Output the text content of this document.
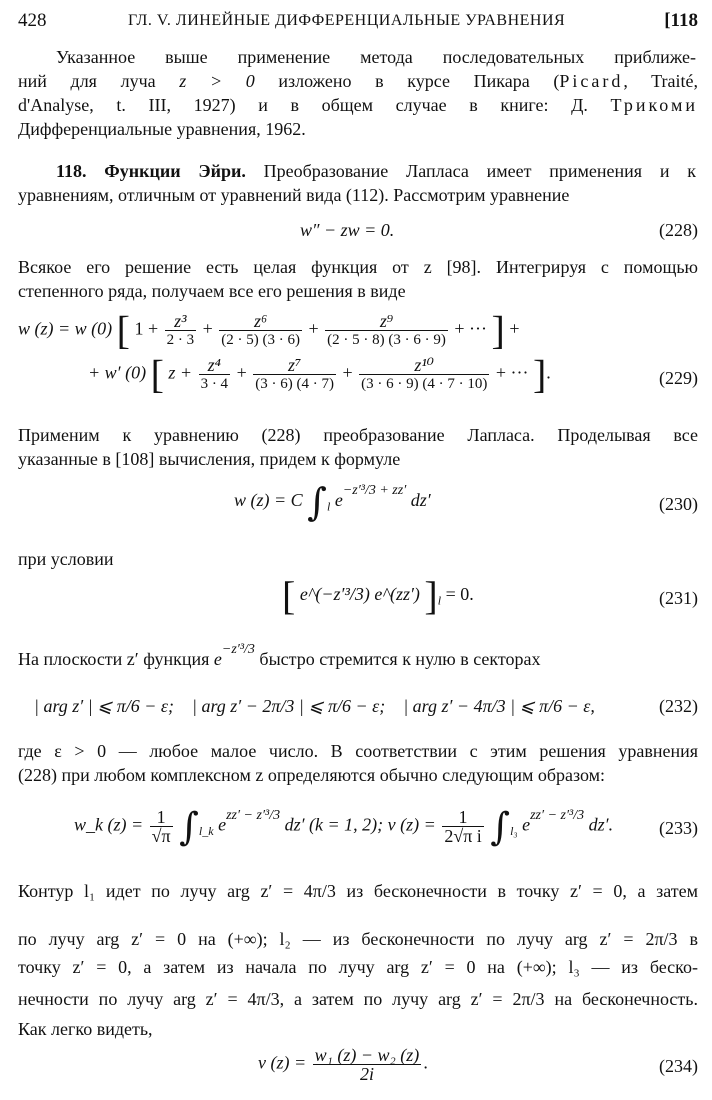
428	ГЛ. V. ЛИНЕЙНЫЕ ДИФФЕРЕНЦИАЛЬНЫЕ УРАВНЕНИЯ	[118
Указанное выше применение метода последовательных приближе-
ний для луча z > 0 изложено в курсе Пикара (Picard, Traité,
d'Analyse, t. III, 1927) и в общем случае в книге: Д. Трикоми
Дифференциальные уравнения, 1962.
118. Функции Эйри. Преобразование Лапласа имеет применения и к
уравнениям, отличным от уравнений вида (112). Рассмотрим уравнение
w″ − zw = 0.	(228)
Всякое его решение есть целая функция от z [98]. Интегрируя с помощью
степенного ряда, получаем все его решения в виде
w (z) = w (0) [ $1 + \frac{\text{z³}}{2 \cdot 3} + \frac{\text{z⁶}}{(2 \cdot 5) (3 \cdot 6)} + \frac{\text{z⁹}}{(2 \cdot 5 \cdot 8) (3 \cdot 6 \cdot 9)}$ + ··· ] +
+ w′ (0) [ $z + \frac{\text{z⁴}}{3 \cdot 4} + \frac{\text{z⁷}}{(3 \cdot 6) (4 \cdot 7)} + \frac{\text{z¹⁰}}{(3 \cdot 6 \cdot 9) (4 \cdot 7 \cdot 10)}$ + ··· ].	(229)
Применим к уравнению (228) преобразование Лапласа. Проделывая все
указанные в [108] вычисления, придем к формуле
w (z) = C $\int_l$ $e^{-z'^3/3 + zz'}$ dz′	(230)
при условии
[ e^(−z′³/3) e^(zz′) ]$_l = 0$.	(231)
На плоскости z′ функция $e^{-z'^3/3}$ быстро стремится к нулю в секторах
| arg z′ | ⩽ π/6 − ε; | arg z′ − 2π/3 | ⩽ π/6 − ε; | arg z′ − 4π/3 | ⩽ π/6 − ε,	(232)
где ε > 0 — любое малое число. В соответствии с этим решения уравнения
(228) при любом комплексном z определяются обычно следующим образом:
w_k $(z) = \frac{1}{√\pi} \int_{l\_k}$ $e^{zz' - z'^3/3}$ dz′ (k = 1, 2); v $(z) = \frac{1}{\text{2√π i}} \int_{l_3}$ $e^{zz' - z'^3/3}$ dz′.	(233)
Контур l₁ идет по лучу arg z′ = 4π/3 из бесконечности в точку z′ = 0, а затем
по лучу arg z′ = 0 на (+∞); l₂ — из бесконечности по лучу arg z′ = 2π/3 в
точку z′ = 0, а затем из начала по лучу arg z′ = 0 на (+∞); l₃ — из беско-
нечности по лучу arg z′ = 4π/3, а затем по лучу arg z′ = 2π/3 на бесконечность.
Как легко видеть,
v $(z) = \frac{\text{w₁ (z) − w₂ (z)}}{2i}$ .	(234)
